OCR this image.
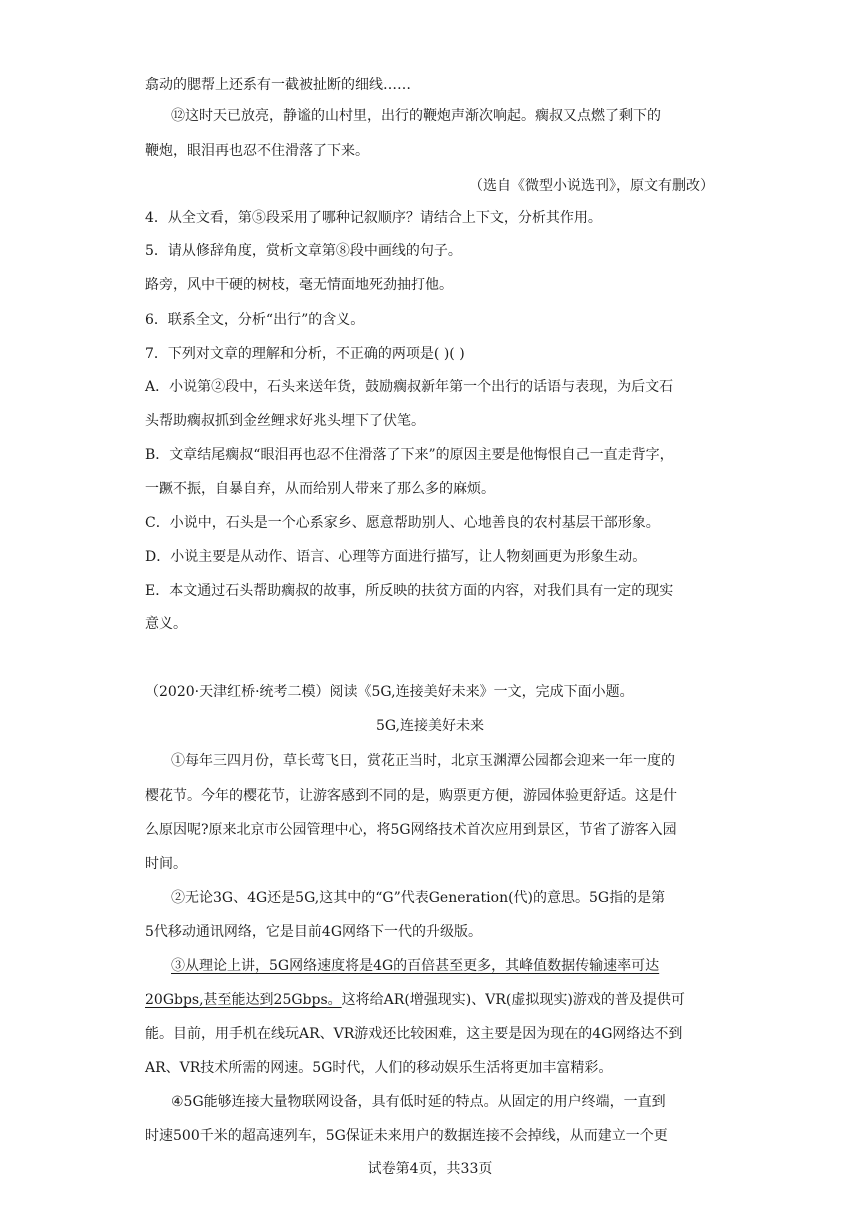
翕动的腮帮上还系有一截被扯断的细线……
⑫这时天已放亮，静谧的山村里，出行的鞭炮声渐次响起。瘸叔又点燃了剩下的
鞭炮，眼泪再也忍不住滑落了下来。
（选自《微型小说选刊》，原文有删改）
4．从全文看，第⑤段采用了哪种记叙顺序？请结合上下文，分析其作用。
5．请从修辞角度，赏析文章第⑧段中画线的句子。
路旁，风中干硬的树枝，毫无情面地死劲抽打他。
6．联系全文，分析“出行”的含义。
7．下列对文章的理解和分析，不正确的两项是( )( )
A．小说第②段中，石头来送年货，鼓励瘸叔新年第一个出行的话语与表现，为后文石
头帮助瘸叔抓到金丝鲤求好兆头埋下了伏笔。
B．文章结尾瘸叔“眼泪再也忍不住滑落了下来”的原因主要是他悔恨自己一直走背字，
一蹶不振，自暴自弃，从而给别人带来了那么多的麻烦。
C．小说中，石头是一个心系家乡、愿意帮助别人、心地善良的农村基层干部形象。
D．小说主要是从动作、语言、心理等方面进行描写，让人物刻画更为形象生动。
E．本文通过石头帮助瘸叔的故事，所反映的扶贫方面的内容，对我们具有一定的现实
意义。
（2020·天津红桥·统考二模）阅读《5G,连接美好未来》一文，完成下面小题。
5G,连接美好未来
①每年三四月份，草长莺飞日，赏花正当时，北京玉渊潭公园都会迎来一年一度的
樱花节。今年的樱花节，让游客感到不同的是，购票更方便，游园体验更舒适。这是什
么原因呢?原来北京市公园管理中心，将5G网络技术首次应用到景区，节省了游客入园
时间。
②无论3G、4G还是5G,这其中的“G”代表Generation(代)的意思。5G指的是第
5代移动通讯网络，它是目前4G网络下一代的升级版。
③从理论上讲，5G网络速度将是4G的百倍甚至更多，其峰值数据传输速率可达
20Gbps,甚至能达到25Gbps。这将给AR(增强现实)、VR(虚拟现实)游戏的普及提供可
能。目前，用手机在线玩AR、VR游戏还比较困难，这主要是因为现在的4G网络达不到
AR、VR技术所需的网速。5G时代，人们的移动娱乐生活将更加丰富精彩。
④5G能够连接大量物联网设备，具有低时延的特点。从固定的用户终端，一直到
时速500千米的超高速列车，5G保证未来用户的数据连接不会掉线，从而建立一个更
试卷第4页，共33页
